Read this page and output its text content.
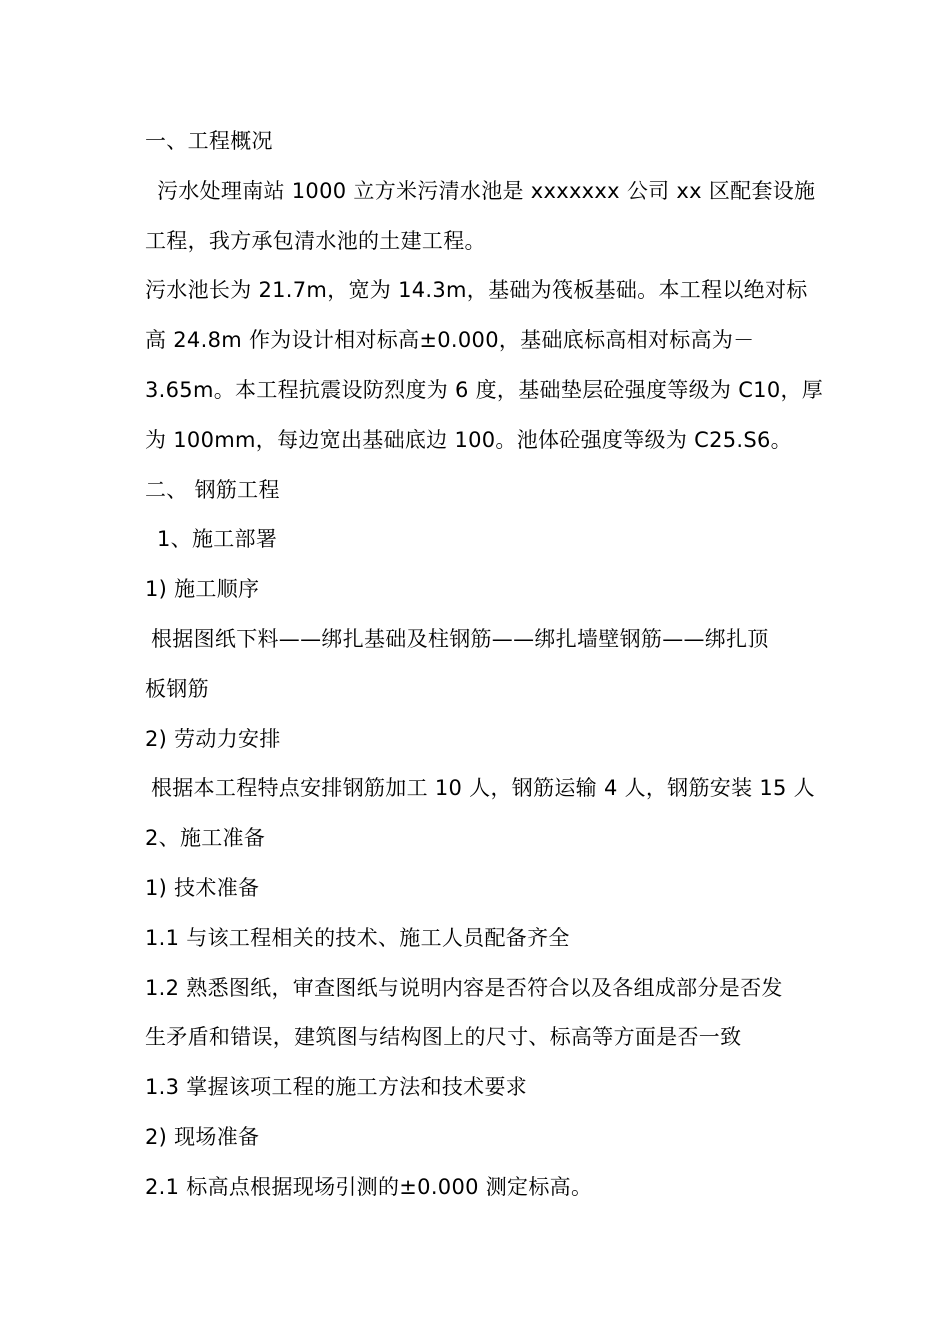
一、工程概况
污水处理南站 1000 立方米污清水池是 xxxxxxx 公司 xx 区配套设施
工程，我方承包清水池的土建工程。
污水池长为 21.7m，宽为 14.3m，基础为筏板基础。本工程以绝对标
高 24.8m 作为设计相对标高±0.000，基础底标高相对标高为－
3.65m。本工程抗震设防烈度为 6 度，基础垫层砼强度等级为 C10，厚
为 100mm，每边宽出基础底边 100。池体砼强度等级为 C25.S6。
二、 钢筋工程
1、施工部署
1) 施工顺序
根据图纸下料——绑扎基础及柱钢筋——绑扎墙壁钢筋——绑扎顶
板钢筋
2) 劳动力安排
根据本工程特点安排钢筋加工 10 人，钢筋运输 4 人，钢筋安装 15 人
2、施工准备
1) 技术准备
1.1 与该工程相关的技术、施工人员配备齐全
1.2 熟悉图纸，审查图纸与说明内容是否符合以及各组成部分是否发
生矛盾和错误，建筑图与结构图上的尺寸、标高等方面是否一致
1.3 掌握该项工程的施工方法和技术要求
2) 现场准备
2.1 标高点根据现场引测的±0.000 测定标高。
